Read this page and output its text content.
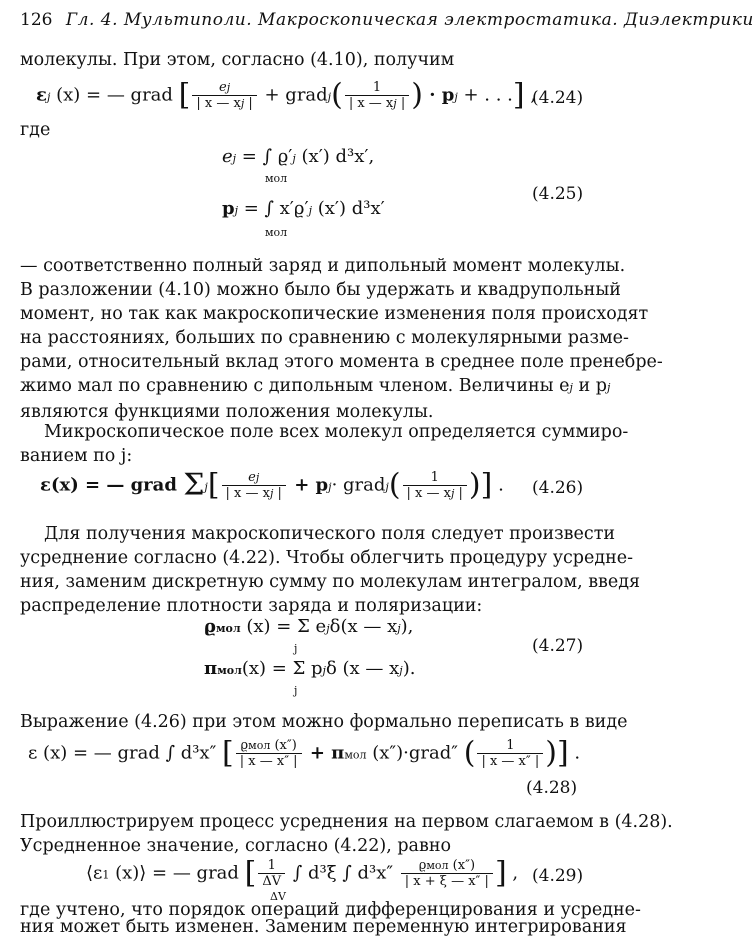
126 Гл. 4. Мультиполи. Макроскопическая электростатика. Диэлектрики
молекулы. При этом, согласно (4.10), получим
εj (x) = — grad [ $\frac{ej}{| x — xj |}$ + gradj( $\frac{1}{| x — xj |}$ ) · pj + . . .] ,
(4.24)
где
ej = ∫ ϱ′j (x′) d³x′,
мол
pj = ∫ x′ϱ′j (x′) d³x′
мол
(4.25)
— соответственно полный заряд и дипольный момент молекулы.
В разложении (4.10) можно было бы удержать и квадрупольный
момент, но так как макроскопические изменения поля происходят
на расстояниях, больших по сравнению с молекулярными разме-
рами, относительный вклад этого момента в среднее поле пренебре-
жимо мал по сравнению с дипольным членом. Величины ej и pj
являются функциями положения молекулы.
Микроскопическое поле всех молекул определяется суммиро-
ванием по j:
ε(x) = — grad $\Sigma j[ \frac{ej}{| x — xj |} + pj\cdot$ gradj( $\frac{1}{| x — xj |}$ )] . (4.26)
Для получения макроскопического поля следует произвести
усреднение согласно (4.22). Чтобы облегчить процедуру усредне-
ния, заменим дискретную сумму по молекулам интегралом, введя
распределение плотности заряда и поляризации:
ϱмол (x) = Σ ejδ(x — xj),
j
πмол(x) = Σ pjδ (x — xj).
j
(4.27)
Выражение (4.26) при этом можно формально переписать в виде
ε (x) = — grad ∫ d³x″ [ $\frac{\text{ϱмол (x″)}}{| x — x'' |} + \pi мол$ (x″)·grad″ ( $\frac{1}{| x — x'' |}$ )] .
(4.28)
Проиллюстрируем процесс усреднения на первом слагаемом в (4.28).
Усредненное значение, согласно (4.22), равно
⟨ε1 (x)⟩ = — grad [ $\frac{1}{\Delta V}$ ∫ d³ξ ∫ $d^3x'' \frac{\text{ϱмол (x″)}}{| x + \xi — x'' |}$ ] , (4.29)
ΔV
где учтено, что порядок операций дифференцирования и усредне-
ния может быть изменен. Заменим переменную интегрирования
